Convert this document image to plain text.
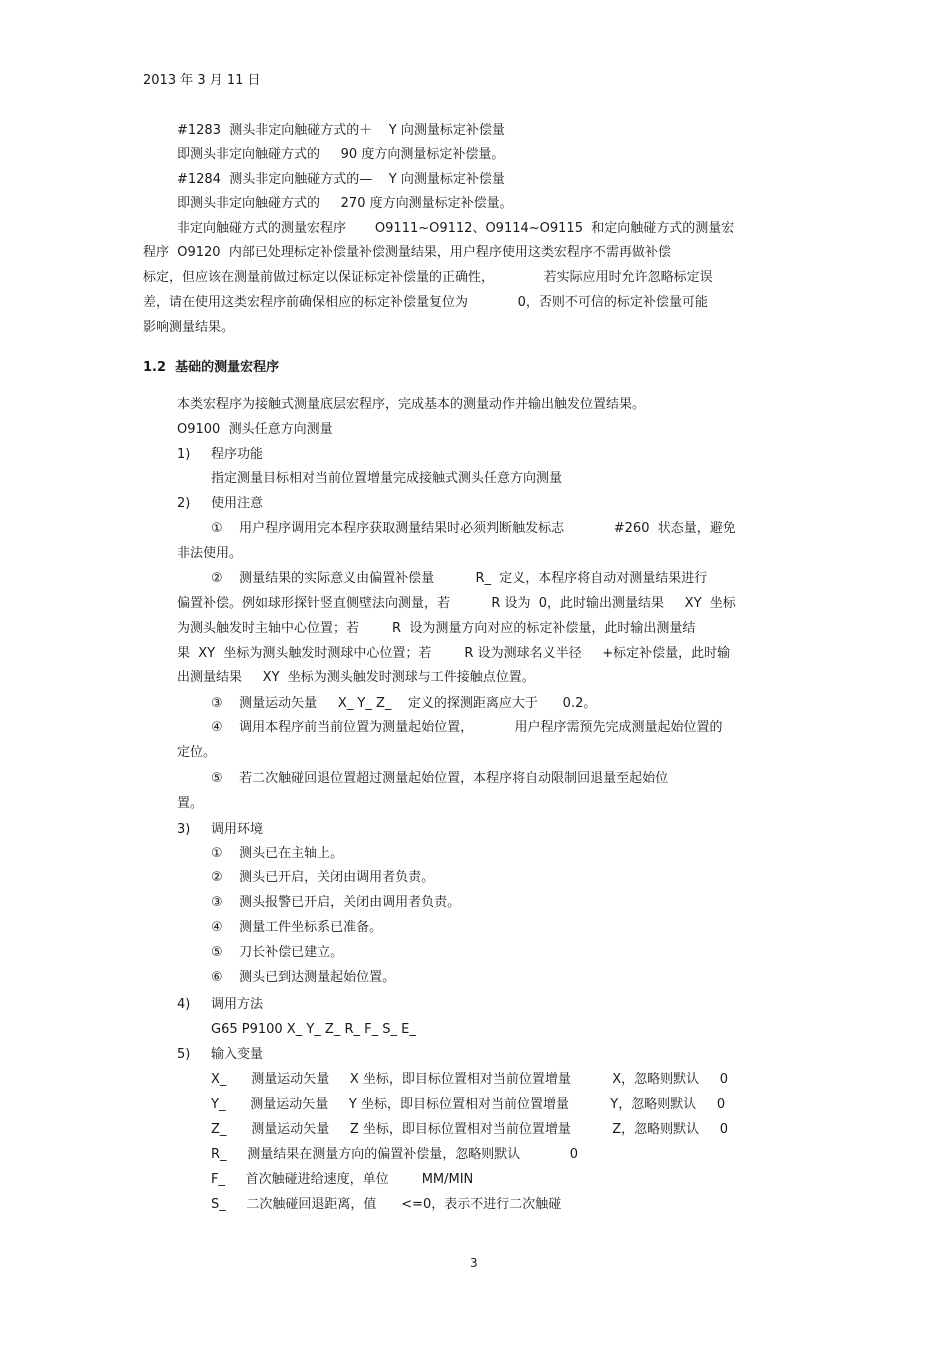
2013 年 3 月 11 日
#1283  测头非定向触碰方式的＋    Y 向测量标定补偿量
即测头非定向触碰方式的     90 度方向测量标定补偿量。
#1284  测头非定向触碰方式的—    Y 向测量标定补偿量
即测头非定向触碰方式的     270 度方向测量标定补偿量。
非定向触碰方式的测量宏程序       O9111~O9112、O9114~O9115  和定向触碰方式的测量宏
程序  O9120  内部已处理标定补偿量补偿测量结果，用户程序使用这类宏程序不需再做补偿
标定，但应该在测量前做过标定以保证标定补偿量的正确性，            若实际应用时允许忽略标定误
差，请在使用这类宏程序前确保相应的标定补偿量复位为            0，否则不可信的标定补偿量可能
影响测量结果。
1.2  基础的测量宏程序
本类宏程序为接触式测量底层宏程序，完成基本的测量动作并输出触发位置结果。
O9100  测头任意方向测量
1)     程序功能
指定测量目标相对当前位置增量完成接触式测头任意方向测量
2)     使用注意
①    用户程序调用完本程序获取测量结果时必须判断触发标志            #260  状态量，避免
非法使用。
②    测量结果的实际意义由偏置补偿量          R_  定义，本程序将自动对测量结果进行
偏置补偿。例如球形探针竖直侧壁法向测量，若          R 设为  0，此时输出测量结果     XY  坐标
为测头触发时主轴中心位置；若        R  设为测量方向对应的标定补偿量，此时输出测量结
果  XY  坐标为测头触发时测球中心位置；若        R 设为测球名义半径     +标定补偿量，此时输
出测量结果     XY  坐标为测头触发时测球与工件接触点位置。
③    测量运动矢量     X_ Y_ Z_    定义的探测距离应大于      0.2。
④    调用本程序前当前位置为测量起始位置，          用户程序需预先完成测量起始位置的
定位。
⑤    若二次触碰回退位置超过测量起始位置，本程序将自动限制回退量至起始位
置。
3)     调用环境
①    测头已在主轴上。
②    测头已开启，关闭由调用者负责。
③    测头报警已开启，关闭由调用者负责。
④    测量工件坐标系已准备。
⑤    刀长补偿已建立。
⑥    测头已到达测量起始位置。
4)     调用方法
G65 P9100 X_ Y_ Z_ R_ F_ S_ E_
5)     输入变量
X_      测量运动矢量     X 坐标，即目标位置相对当前位置增量          X，忽略则默认     0
Y_      测量运动矢量     Y 坐标，即目标位置相对当前位置增量          Y，忽略则默认     0
Z_      测量运动矢量     Z 坐标，即目标位置相对当前位置增量          Z，忽略则默认     0
R_     测量结果在测量方向的偏置补偿量，忽略则默认            0
F_     首次触碰进给速度，单位        MM/MIN
S_     二次触碰回退距离，值      <=0，表示不进行二次触碰
3
